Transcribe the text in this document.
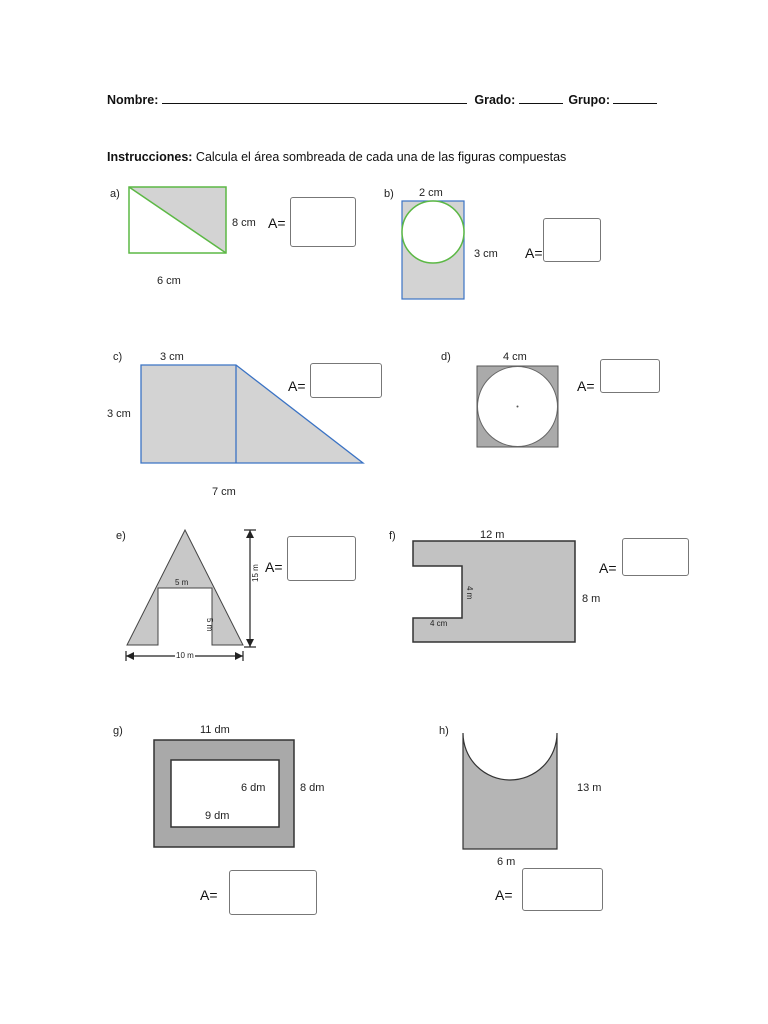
Nombre:	Grado:	Grupo:
Instrucciones: Calcula el área sombreada de cada una de las figuras compuestas
a)
8 cm
6 cm
A=
b) 2 cm
3 cm A=
c)	3 cm
3 cm
7 cm
A=
d)	4 cm
A=
e)
5 m
5 m
15 m
10 m
A=
f)	12 m
4 m
4 cm
8 m
A=
g)	11 dm
6 dm	8 dm
9 dm
A=
h)
13 m
6 m
A=
